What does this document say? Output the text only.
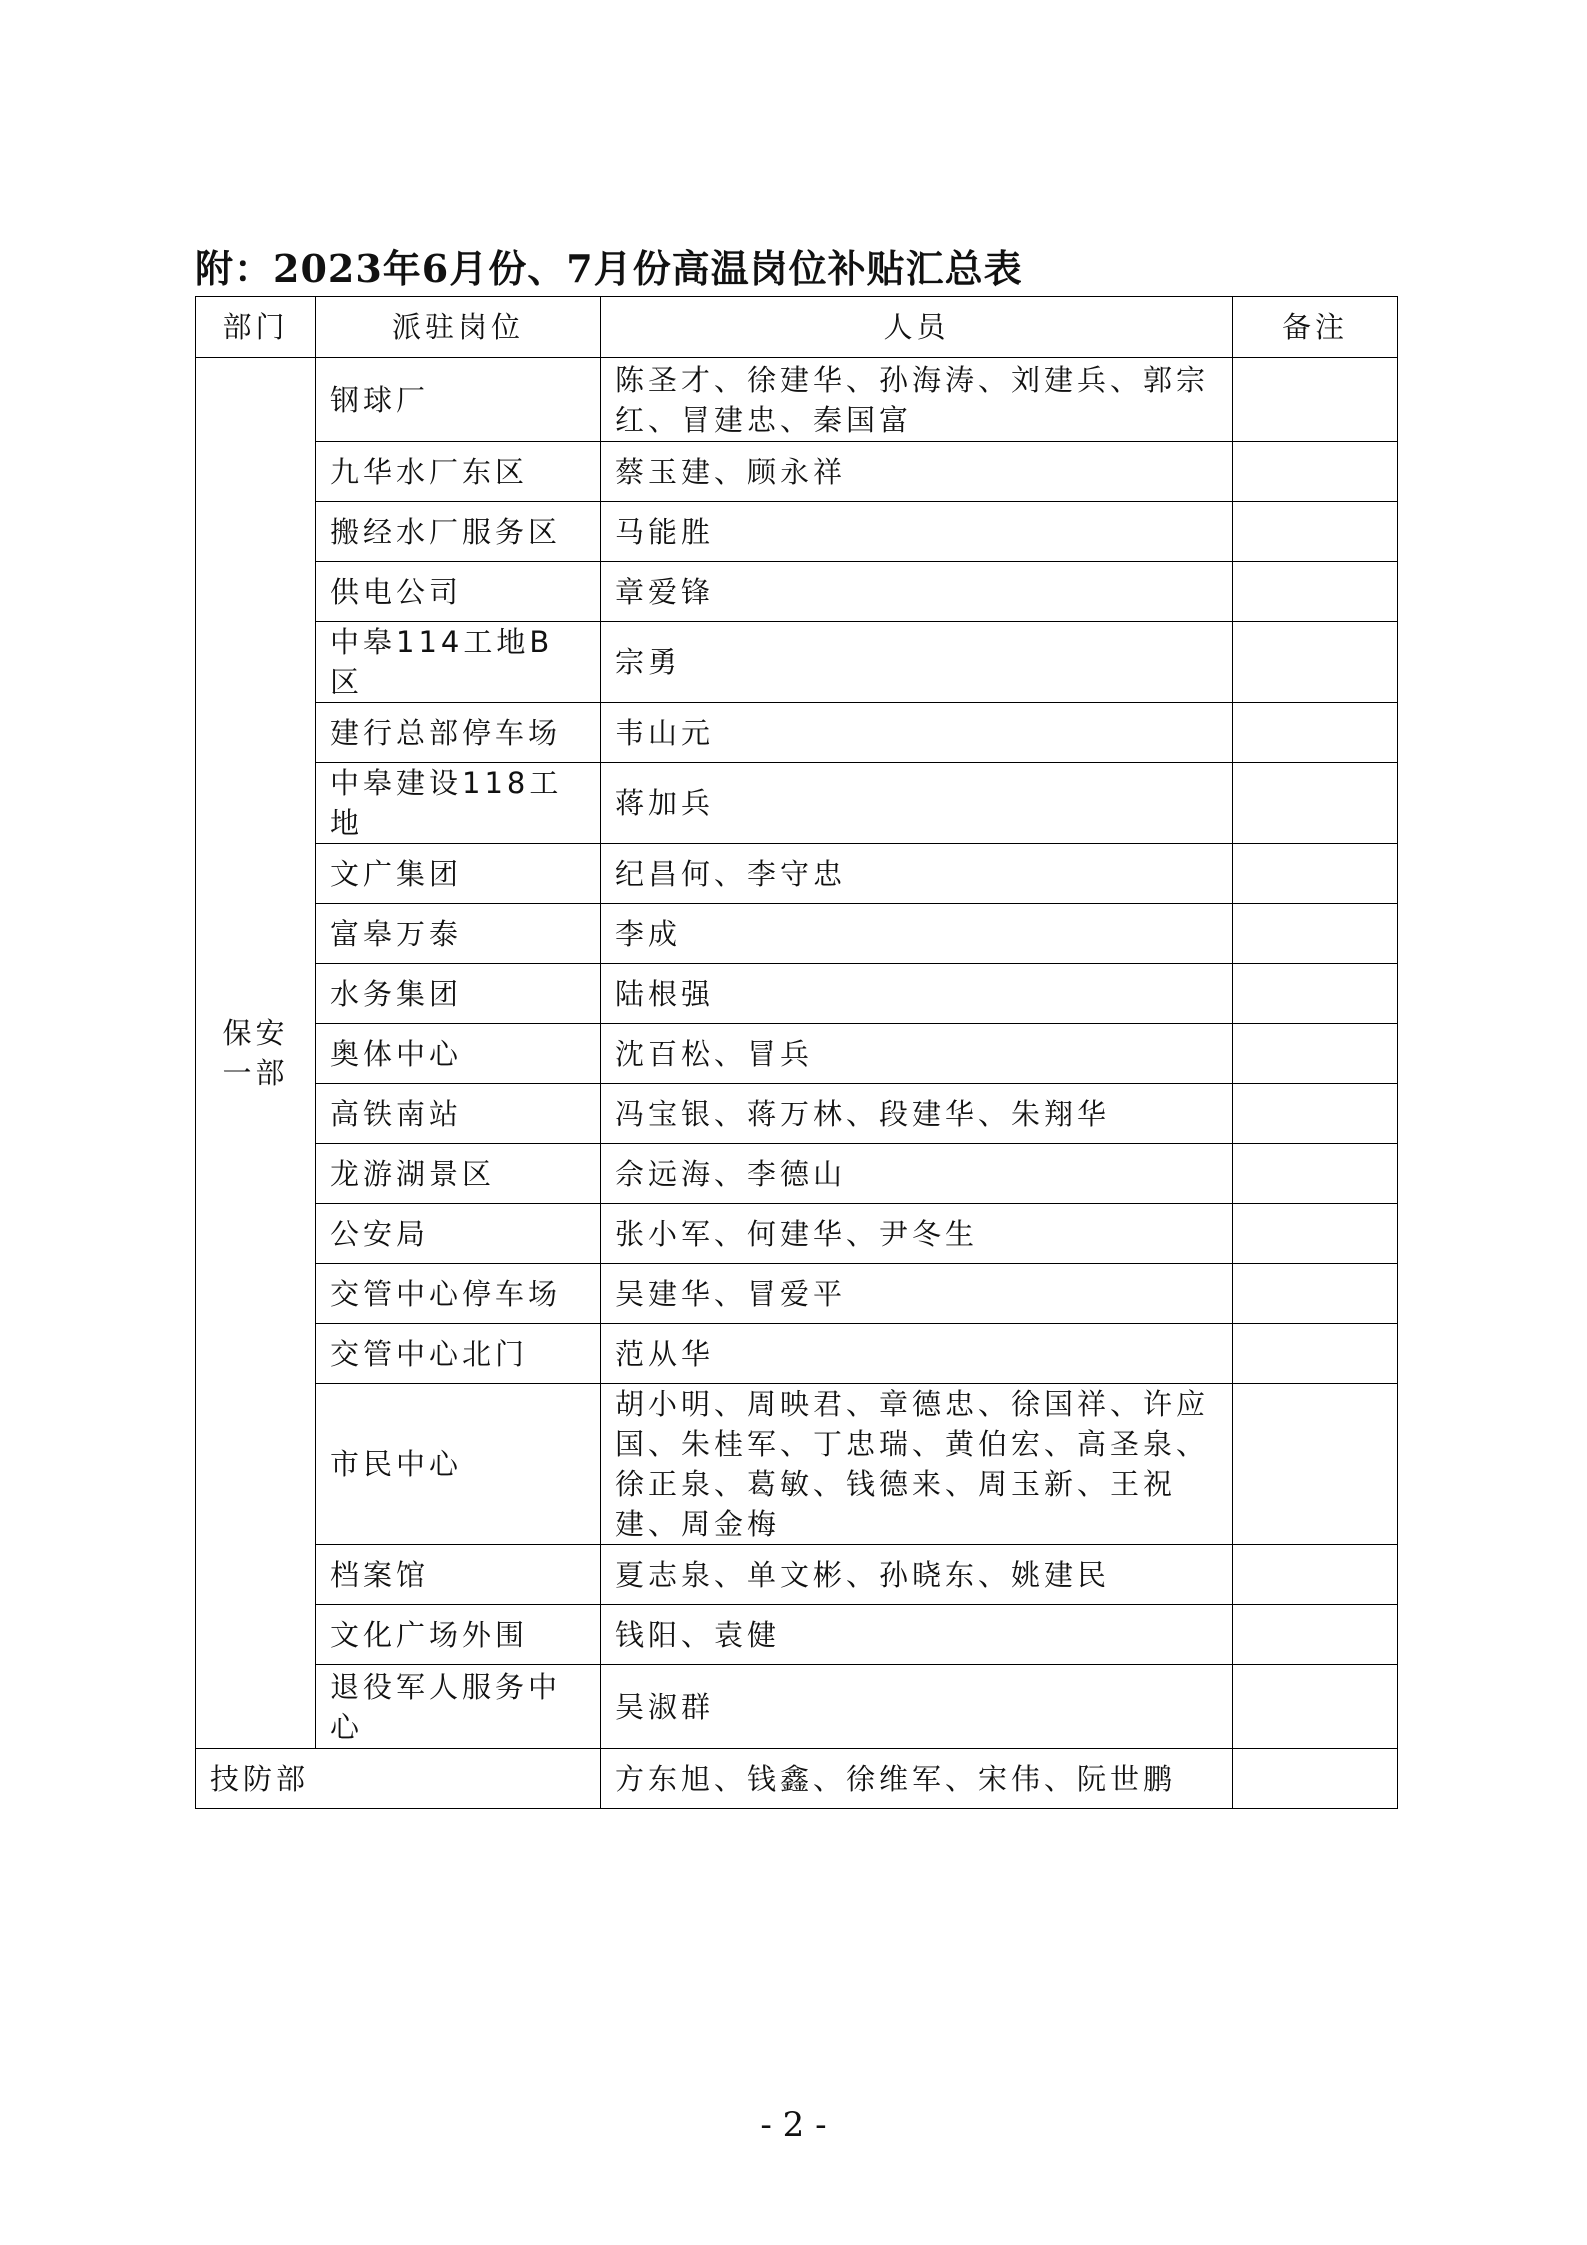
附：2023年6月份、7月份高温岗位补贴汇总表
部门	派驻岗位	人员	备注
保安一部	钢球厂	陈圣才、徐建华、孙海涛、刘建兵、郭宗红、冒建忠、秦国富	
	九华水厂东区	蔡玉建、顾永祥	
	搬经水厂服务区	马能胜	
	供电公司	章爱锋	
	中皋114工地B区	宗勇	
	建行总部停车场	韦山元	
	中皋建设118工地	蒋加兵	
	文广集团	纪昌何、李守忠	
	富皋万泰	李成	
	水务集团	陆根强	
	奥体中心	沈百松、冒兵	
	高铁南站	冯宝银、蒋万林、段建华、朱翔华	
	龙游湖景区	佘远海、李德山	
	公安局	张小军、何建华、尹冬生	
	交管中心停车场	吴建华、冒爱平	
	交管中心北门	范从华	
	市民中心	胡小明、周映君、章德忠、徐国祥、许应国、朱桂军、丁忠瑞、黄伯宏、高圣泉、徐正泉、葛敏、钱德来、周玉新、王祝建、周金梅	
	档案馆	夏志泉、单文彬、孙晓东、姚建民	
	文化广场外围	钱阳、袁健	
	退役军人服务中心	吴淑群	
技防部		方东旭、钱鑫、徐维军、宋伟、阮世鹏	
- 2 -
